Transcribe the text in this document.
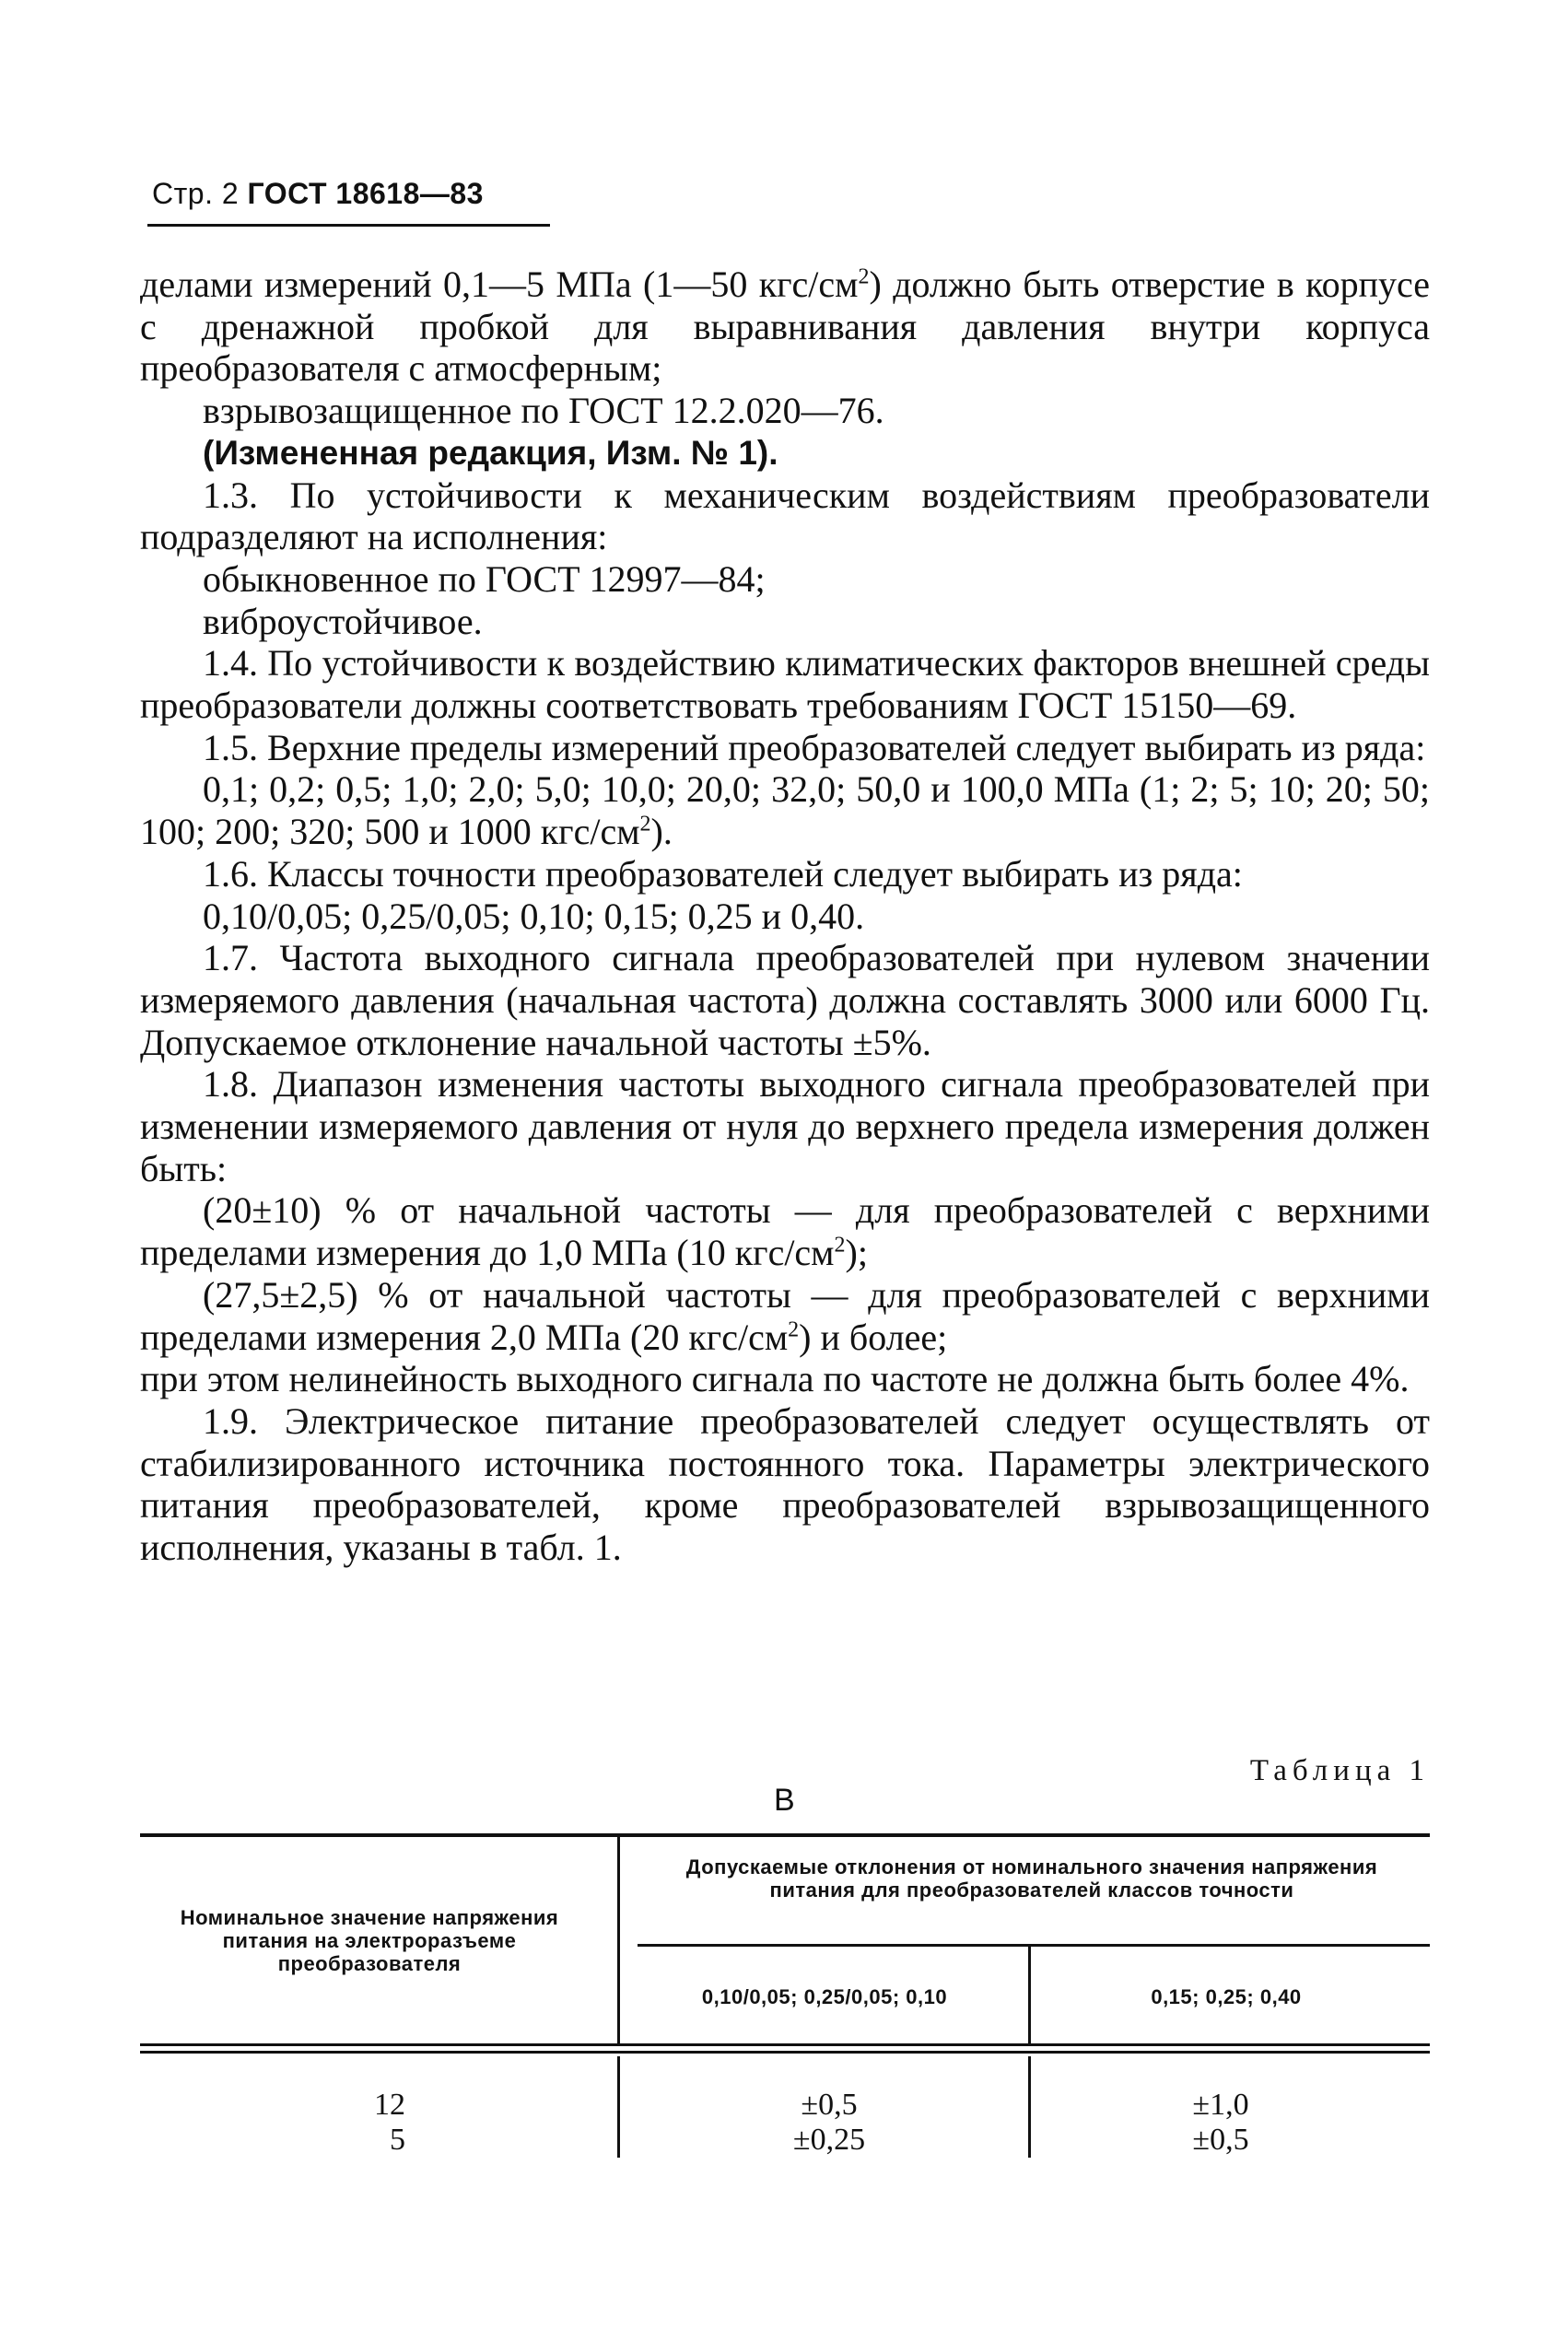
Стр. 2 ГОСТ 18618—83

делами измерений 0,1—5 МПа (1—50 кгс/$см^2$) должно быть отверстие в корпусе с дренажной пробкой для выравнивания давления внутри корпуса преобразователя с атмосферным;

взрывозащищенное по ГОСТ 12.2.020—76.

(Измененная редакция, Изм. № 1).

1.3. По устойчивости к механическим воздействиям преобразователи подразделяют на исполнения:

обыкновенное по ГОСТ 12997—84;

виброустойчивое.

1.4. По устойчивости к воздействию климатических факторов внешней среды преобразователи должны соответствовать требованиям ГОСТ 15150—69.

1.5. Верхние пределы измерений преобразователей следует выбирать из ряда:

0,1; 0,2; 0,5; 1,0; 2,0; 5,0; 10,0; 20,0; 32,0; 50,0 и 100,0 МПа (1; 2; 5; 10; 20; 50; 100; 200; 320; 500 и 1000 кгс/$см^2$).

1.6. Классы точности преобразователей следует выбирать из ряда:

0,10/0,05; 0,25/0,05; 0,10; 0,15; 0,25 и 0,40.

1.7. Частота выходного сигнала преобразователей при нулевом значении измеряемого давления (начальная частота) должна составлять 3000 или 6000 Гц. Допускаемое отклонение начальной частоты ±5%.

1.8. Диапазон изменения частоты выходного сигнала преобразователей при изменении измеряемого давления от нуля до верхнего предела измерения должен быть:

(20±10) % от начальной частоты — для преобразователей с верхними пределами измерения до 1,0 МПа (10 кгс/$см^2$);

(27,5±2,5) % от начальной частоты — для преобразователей с верхними пределами измерения 2,0 МПа (20 кгс/$см^2$) и более;

при этом нелинейность выходного сигнала по частоте не должна быть более 4%.

1.9. Электрическое питание преобразователей следует осуществлять от стабилизированного источника постоянного тока. Параметры электрического питания преобразователей, кроме преобразователей взрывозащищенного исполнения, указаны в табл. 1.

Таблица 1
B
Номинальное значение напряжения питания на электроразъеме преобразователя
Допускаемые отклонения от номинального значения напряжения питания для преобразователей классов точности
0,10/0,05; 0,25/0,05; 0,10	0,15; 0,25; 0,40
12
5
±0,5
±0,25
±1,0
±0,5
